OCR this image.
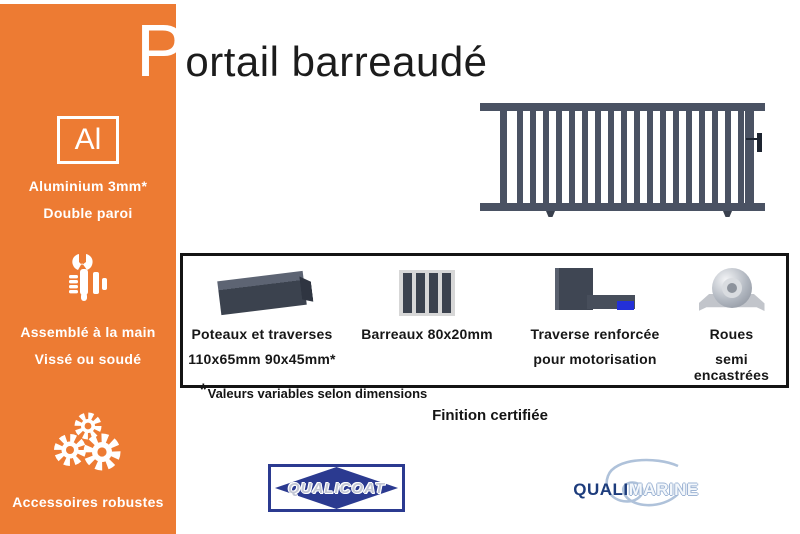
Al
Aluminium 3mm*
Double paroi
Assemblé à la main
Vissé ou soudé
Accessoires robustes
P ortail barreaudé
Poteaux et traverses
110x65mm 90x45mm*
Barreaux 80x20mm	Traverse renforcée
pour motorisation
Roues
semi encastrées
*Valeurs variables selon dimensions
Finition certifiée
QUALICOAT	QUALIMARINE
